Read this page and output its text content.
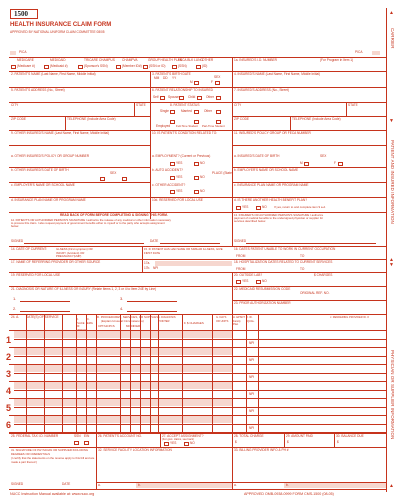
1500
HEALTH INSURANCE CLAIM FORM
APPROVED BY NATIONAL UNIFORM CLAIM COMMITTEE 08/05
PICA	PICA
CARRIER
▲
PATIENT AND INSURED INFORMATION
PHYSICIAN OR SUPPLIER INFORMATION
▼
▲
▼
▲
MEDICARE	MEDICAID	TRICARE CHAMPUS CHAMPVA	GROUP HEALTH PLAN
FECA BLK LUNG OTHER
(Medicare #)	(Medicaid #)	(Sponsor's SSN)	(Member ID#) (SSN or ID)	(SSN)	(ID)
1a. INSURED'S I.D. NUMBER	(For Program in Item 1)
2. PATIENT'S NAME (Last Name, First Name, Middle Initial)	3. PATIENT'S BIRTH DATE
SEX
MM DD YY
M	F
4. INSURED'S NAME (Last Name, First Name, Middle Initial)
5. PATIENT'S ADDRESS (No., Street)	6. PATIENT RELATIONSHIP TO INSURED
Self	Spouse	Child	Other
7. INSURED'S ADDRESS (No., Street)
CITY	STATE	8. PATIENT STATUS
Single	Married	Other
CITY	STATE
ZIP CODE	TELEPHONE (Include Area Code)
Employed Full-Time Student Part-Time Student
ZIP CODE	TELEPHONE (Include Area Code)
9. OTHER INSURED'S NAME (Last Name, First Name, Middle Initial)	10. IS PATIENT'S CONDITION RELATED TO:	11. INSURED'S POLICY GROUP OR FECA NUMBER
a. OTHER INSURED'S POLICY OR GROUP NUMBER	a. EMPLOYMENT? (Current or Previous)
YES	NO
a. INSURED'S DATE OF BIRTH	SEX
M	F
b. OTHER INSURED'S DATE OF BIRTH
SEX
b. AUTO ACCIDENT?
PLACE (State)
YES	NO
b. EMPLOYER'S NAME OR SCHOOL NAME
c. EMPLOYER'S NAME OR SCHOOL NAME	c. OTHER ACCIDENT?
YES	NO
c. INSURANCE PLAN NAME OR PROGRAM NAME
d. INSURANCE PLAN NAME OR PROGRAM NAME	10d. RESERVED FOR LOCAL USE	d. IS THERE ANOTHER HEALTH BENEFIT PLAN?
YES	NO If yes, return to and complete item 9 a-d.
READ BACK OF FORM BEFORE COMPLETING & SIGNING THIS FORM.
12. PATIENT'S OR AUTHORIZED PERSON'S SIGNATURE I authorize the release of any medical or other information necessary
to process this claim. I also request payment of government benefits either to myself or to the party who accepts assignment
below.
13. INSURED'S OR AUTHORIZED PERSON'S SIGNATURE I authorize
payment of medical benefits to the undersigned physician or supplier for
services described below.
SIGNED	DATE	SIGNED
14. DATE OF CURRENT:	ILLNESS (First symptom) OR INJURY (Accident) OR PREGNANCY(LMP)
15. IF PATIENT HAS HAD SAME OR SIMILAR ILLNESS, GIVE FIRST DATE
16. DATES PATIENT UNABLE TO WORK IN CURRENT OCCUPATION
FROM	TO
17. NAME OF REFERRING PROVIDER OR OTHER SOURCE	17a.
17b. NPI
18. HOSPITALIZATION DATES RELATED TO CURRENT SERVICES
FROM	TO
19. RESERVED FOR LOCAL USE	20. OUTSIDE LAB?	$ CHARGES
YES	NO
21. DIAGNOSIS OR NATURE OF ILLNESS OR INJURY (Relate Items 1, 2, 3 or 4 to Item 24E by Line)
1.
2.
3.
4.
22. MEDICAID RESUBMISSION CODE
ORIGINAL REF. NO.
23. PRIOR AUTHORIZATION NUMBER
24. A. DATE(S) OF SERVICE
B. PLACE OF
C. EMG
D. PROCEDURES, SERVICES, OR SUPPLIES
(Explain Unusual Circumstances)
CPT/HCPCS	MODIFIER
E. DIAGNOSIS POINTER	F. $ CHARGES
G. DAYS OR UNITS
H. EPSDT Family Plan
I. ID. QUAL.
J. RENDERING PROVIDER ID. #
1	NPI
2	NPI
3	NPI
4	NPI
5	NPI
6	NPI
25. FEDERAL TAX I.D. NUMBER	SSN EIN	26. PATIENT'S ACCOUNT NO.	27. ACCEPT ASSIGNMENT?
(For govt. claims, see back)
YES	NO
28. TOTAL CHARGE
$
29. AMOUNT PAID
$
30. BALANCE DUE
$
31. SIGNATURE OF PHYSICIAN OR SUPPLIER INCLUDING DEGREES OR CREDENTIALS
(I certify that the statements on the reverse apply to this bill and are made a part thereof.)
32. SERVICE FACILITY LOCATION INFORMATION	33. BILLING PROVIDER INFO & PH #
a.	b.	a.	b.
SIGNED	DATE
NUCC Instruction Manual available at: www.nucc.org	APPROVED OMB-0938-0999 FORM CMS-1500 (08-05)
